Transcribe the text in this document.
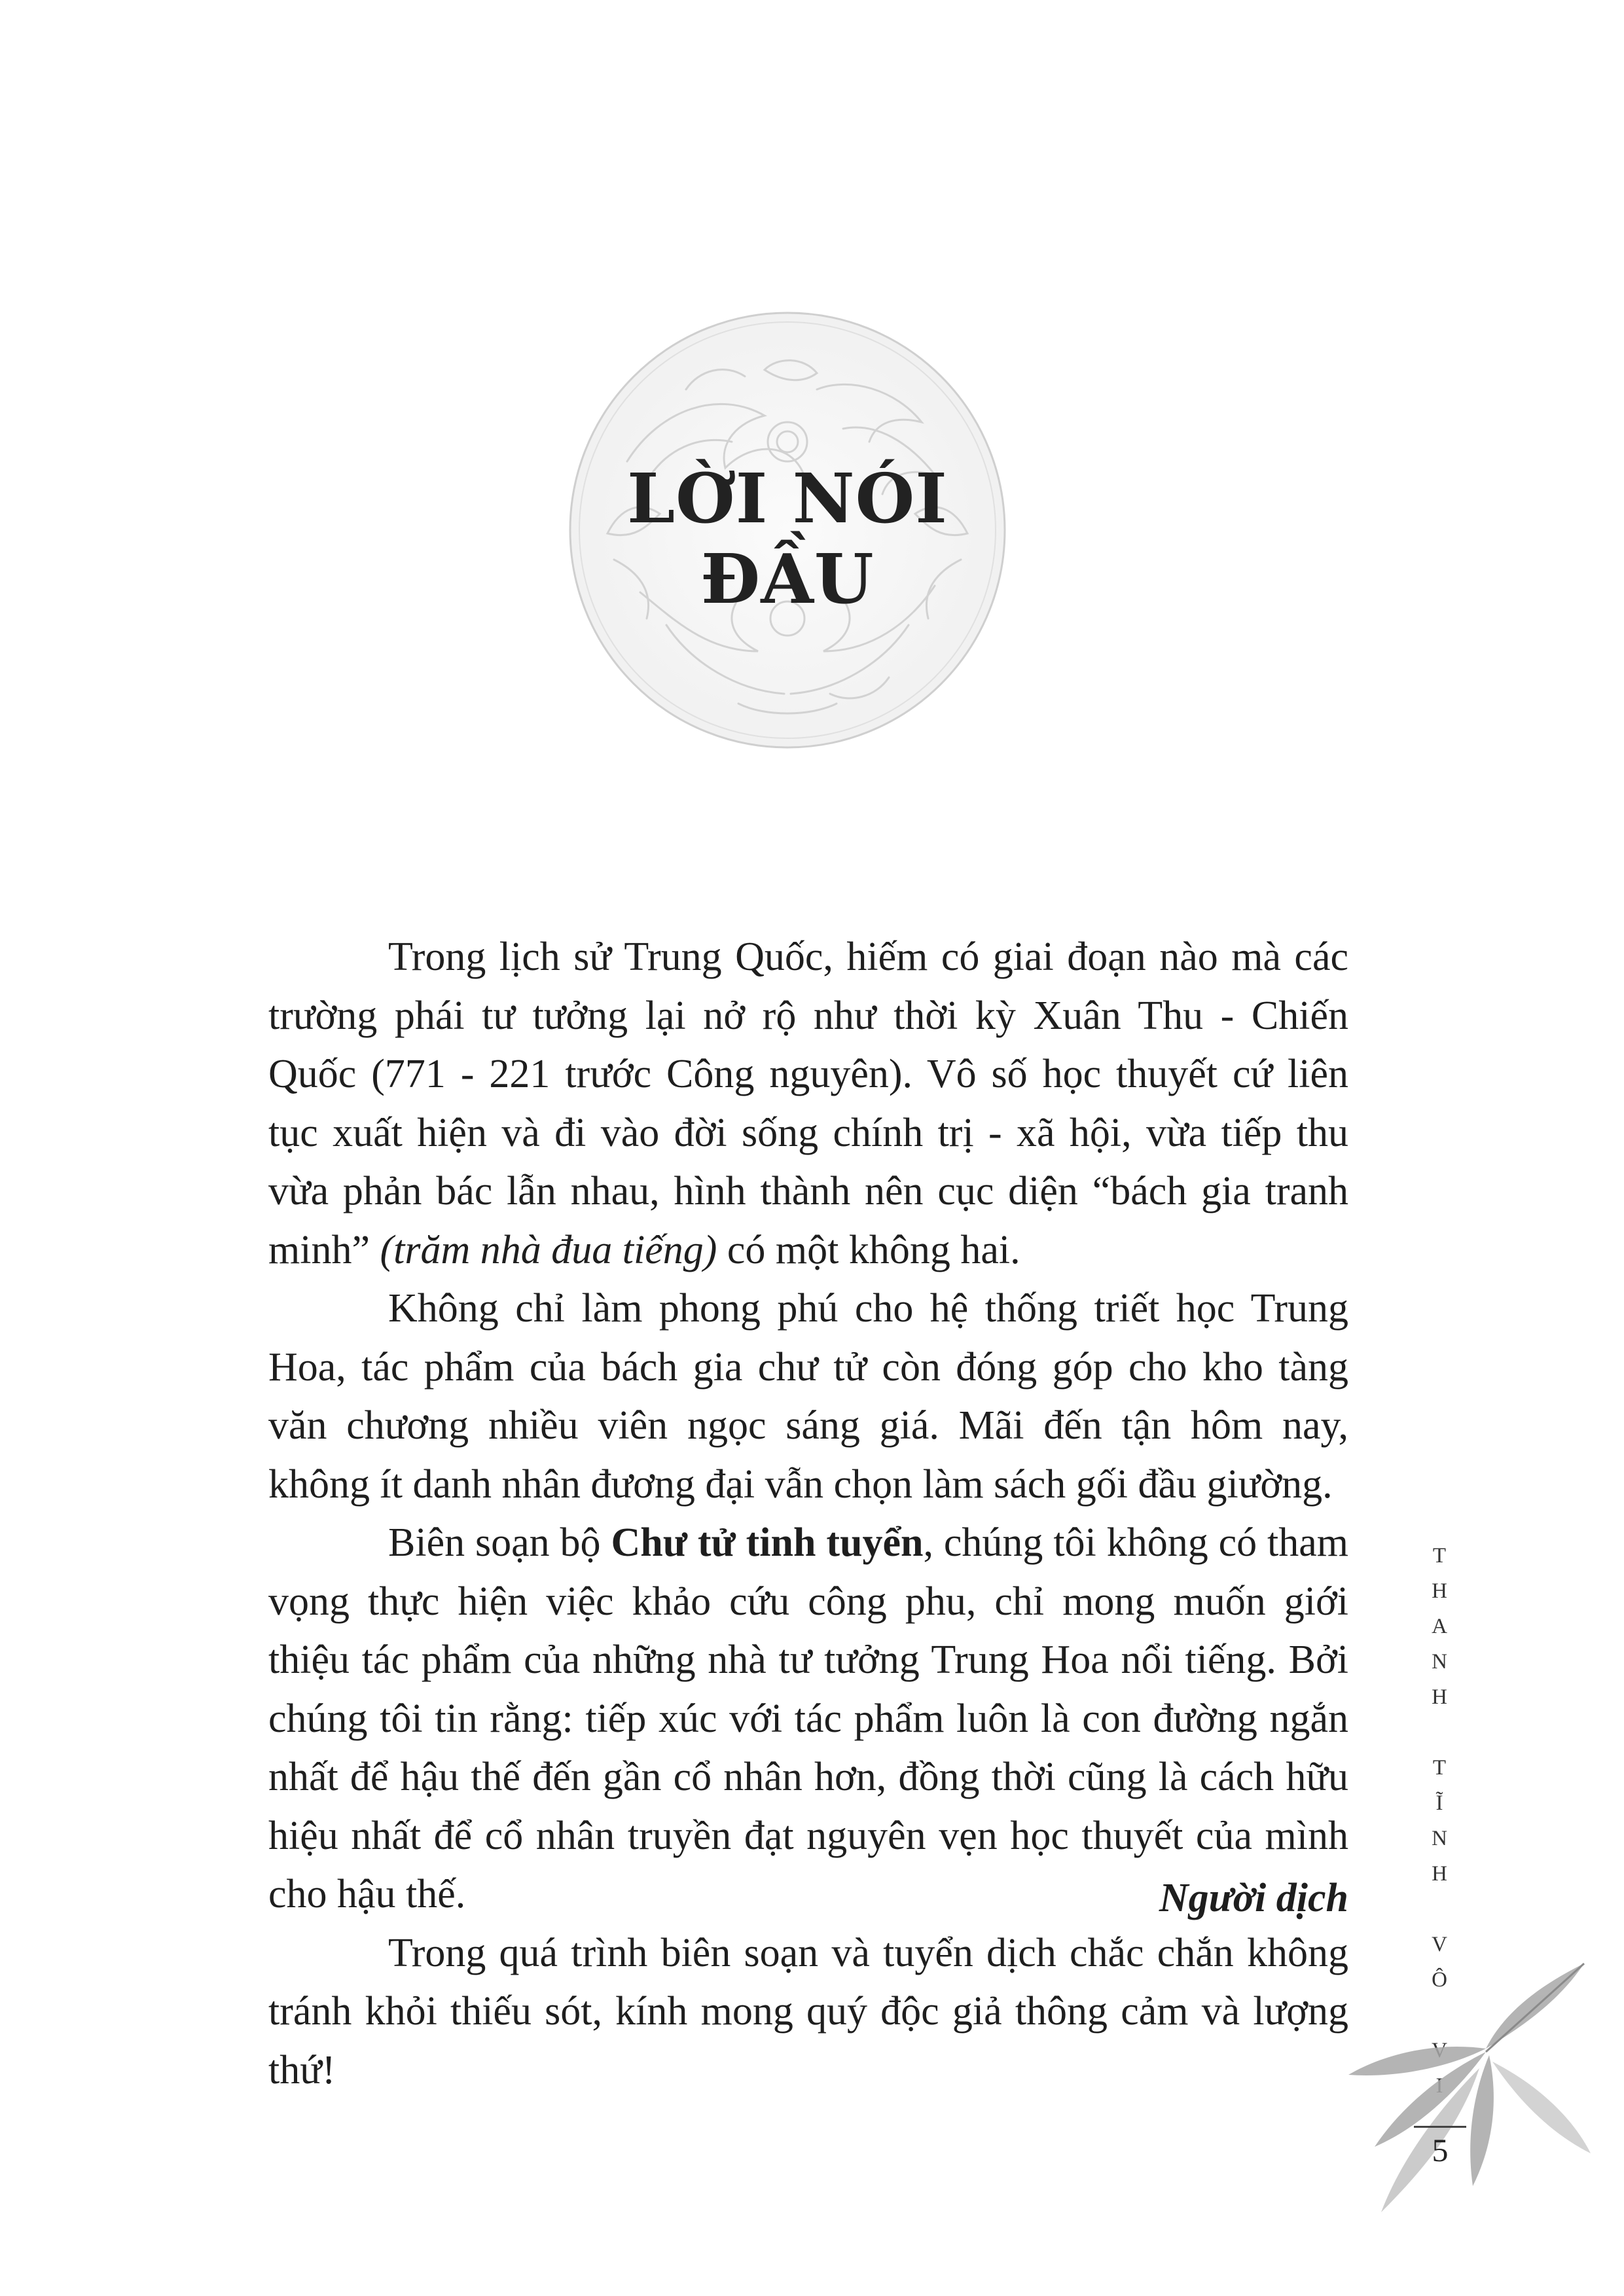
LỜI NÓI ĐẦU

Trong lịch sử Trung Quốc, hiếm có giai đoạn nào mà các trường phái tư tưởng lại nở rộ như thời kỳ Xuân Thu - Chiến Quốc (771 - 221 trước Công nguyên). Vô số học thuyết cứ liên tục xuất hiện và đi vào đời sống chính trị - xã hội, vừa tiếp thu vừa phản bác lẫn nhau, hình thành nên cục diện “bách gia tranh minh” (trăm nhà đua tiếng) có một không hai.

Không chỉ làm phong phú cho hệ thống triết học Trung Hoa, tác phẩm của bách gia chư tử còn đóng góp cho kho tàng văn chương nhiều viên ngọc sáng giá. Mãi đến tận hôm nay, không ít danh nhân đương đại vẫn chọn làm sách gối đầu giường.

Biên soạn bộ Chư tử tinh tuyển, chúng tôi không có tham vọng thực hiện việc khảo cứu công phu, chỉ mong muốn giới thiệu tác phẩm của những nhà tư tưởng Trung Hoa nổi tiếng. Bởi chúng tôi tin rằng: tiếp xúc với tác phẩm luôn là con đường ngắn nhất để hậu thế đến gần cổ nhân hơn, đồng thời cũng là cách hữu hiệu nhất để cổ nhân truyền đạt nguyên vẹn học thuyết của mình cho hậu thế.

Trong quá trình biên soạn và tuyển dịch chắc chắn không tránh khỏi thiếu sót, kính mong quý độc giả thông cảm và lượng thứ!

Người dịch
T
H
A
N
H
T
Ĩ
N
H
V
Ô
5
